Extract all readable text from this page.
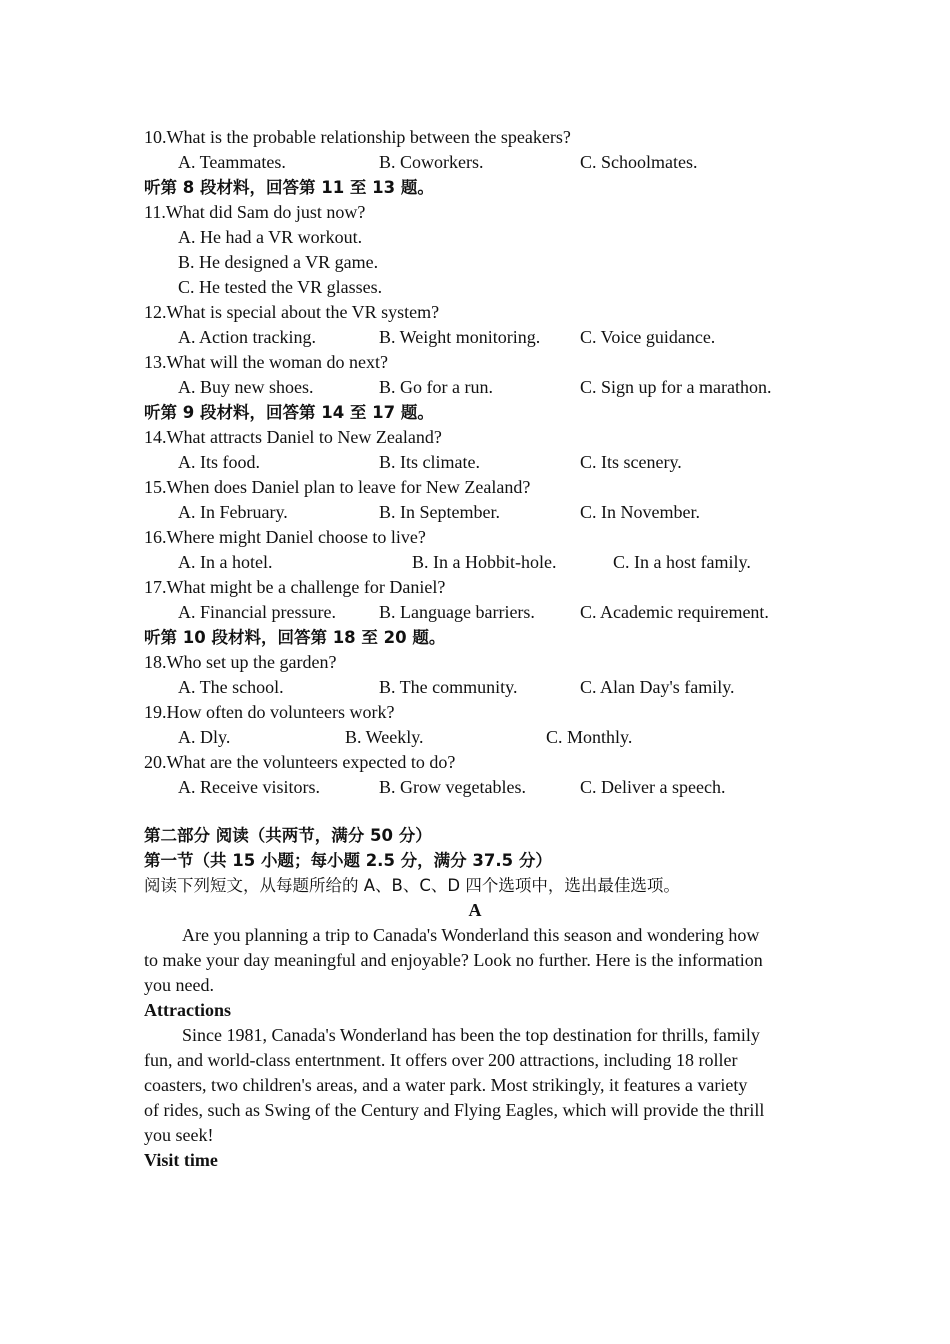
10.What is the probable relationship between the speakers?
A. Teammates.	B. Coworkers.	C. Schoolmates.
听第 8 段材料，回答第 11 至 13 题。
11.What did Sam do just now?
A. He had a VR workout.
B. He designed a VR game.
C. He tested the VR glasses.
12.What is special about the VR system?
A. Action tracking.	B. Weight monitoring. C. Voice guidance.
13.What will the woman do next?
A. Buy new shoes.	B. Go for a run.	C. Sign up for a marathon.
听第 9 段材料，回答第 14 至 17 题。
14.What attracts Daniel to New Zealand?
A. Its food.	B. Its climate.	C. Its scenery.
15.When does Daniel plan to leave for New Zealand?
A. In February.	B. In September.	C. In November.
16.Where might Daniel choose to live?
A. In a hotel.	B. In a Hobbit-hole.	C. In a host family.
17.What might be a challenge for Daniel?
A. Financial pressure. B. Language barriers.	C. Academic requirement.
听第 10 段材料，回答第 18 至 20 题。
18.Who set up the garden?
A. The school.	B. The community.	C. Alan Day's family.
19.How often do volunteers work?
A. Dly.	B. Weekly.	C. Monthly.
20.What are the volunteers expected to do?
A. Receive visitors.	B. Grow vegetables.	C. Deliver a speech.
第二部分 阅读（共两节，满分 50 分）
第一节（共 15 小题；每小题 2.5 分，满分 37.5 分）
阅读下列短文，从每题所给的 A、B、C、D 四个选项中，选出最佳选项。
A
Are you planning a trip to Canada's Wonderland this season and wondering how
to make your day meaningful and enjoyable? Look no further. Here is the information
you need.
Attractions
Since 1981, Canada's Wonderland has been the top destination for thrills, family
fun, and world-class entertnment. It offers over 200 attractions, including 18 roller
coasters, two children's areas, and a water park. Most strikingly, it features a variety
of rides, such as Swing of the Century and Flying Eagles, which will provide the thrill
you seek!
Visit time
